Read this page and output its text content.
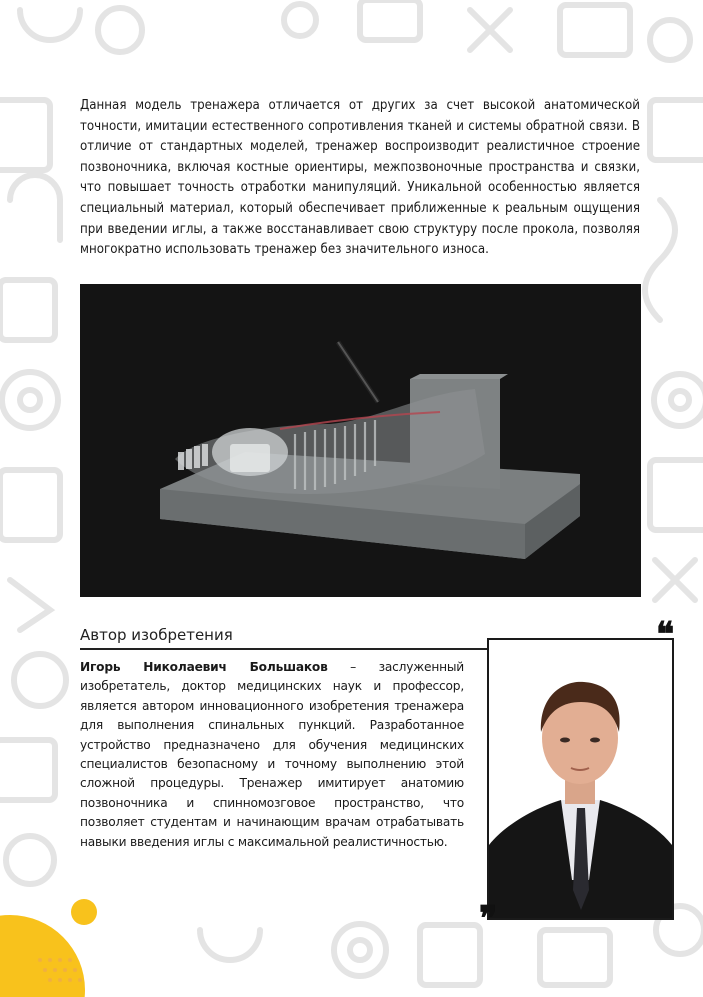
Данная модель тренажера отличается от других за счет высокой анатомической точности, имитации естественного сопротивления тканей и системы обратной связи. В отличие от стандартных моделей, тренажер воспроизводит реалистичное строение позвоночника, включая костные ориентиры, межпозвоночные пространства и связки, что повышает точность отработки манипуляций. Уникальной особенностью является специальный материал, который обеспечивает приближенные к реальным ощущения при введении иглы, а также восстанавливает свою структуру после прокола, позволяя многократно использовать тренажер без значительного износа.

Автор изобретения

Игорь Николаевич Большаков – заслуженный изобретатель, доктор медицинских наук и профессор, является автором инновационного изобретения тренажера для выполнения спинальных пункций. Разработанное устройство предназначено для обучения медицинских специалистов безопасному и точному выполнению этой сложной процедуры. Тренажер имитирует анатомию позвоночника и спинномозговое пространство, что позволяет студентам и начинающим врачам отрабатывать навыки введения иглы с максимальной реалистичностью.

❝
❞
